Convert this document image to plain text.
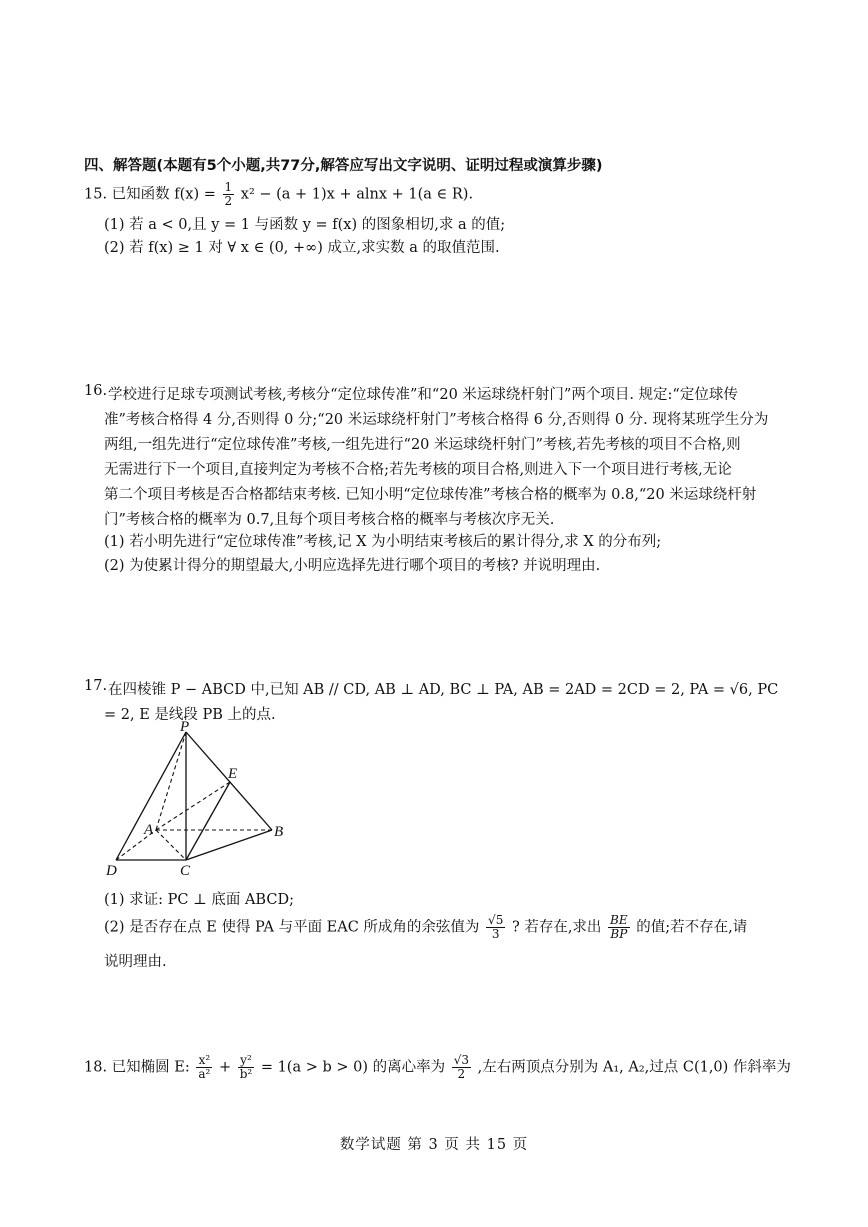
四、解答题(本题有5个小题,共77分,解答应写出文字说明、证明过程或演算步骤)
15. 已知函数 $f(x) = \frac{1}{2} x^2 - (a + 1)x + alnx + 1(a$ ∈ R).
(1) 若 a < 0,且 y = 1 与函数 y = f(x) 的图象相切,求 a 的值;
(2) 若 f(x) ≥ 1 对 ∀ x ∈ (0, +∞) 成立,求实数 a 的取值范围.
16. 学校进行足球专项测试考核,考核分“定位球传准”和“20 米运球绕杆射门”两个项目. 规定:“定位球传
准”考核合格得 4 分,否则得 0 分;“20 米运球绕杆射门”考核合格得 6 分,否则得 0 分. 现将某班学生分为
两组,一组先进行“定位球传准”考核,一组先进行“20 米运球绕杆射门”考核,若先考核的项目不合格,则
无需进行下一个项目,直接判定为考核不合格;若先考核的项目合格,则进入下一个项目进行考核,无论
第二个项目考核是否合格都结束考核. 已知小明“定位球传准”考核合格的概率为 0.8,“20 米运球绕杆射
门”考核合格的概率为 0.7,且每个项目考核合格的概率与考核次序无关.
(1) 若小明先进行“定位球传准”考核,记 X 为小明结束考核后的累计得分,求 X 的分布列;
(2) 为使累计得分的期望最大,小明应选择先进行哪个项目的考核? 并说明理由.
17. 在四棱锥 P − ABCD 中,已知 AB // CD, AB ⊥ AD, BC ⊥ PA, AB = 2AD = 2CD = 2, PA = √6, PC
= 2, E 是线段 PB 上的点.
P
E
A	B
C
D
(1) 求证: PC ⊥ 底面 ABCD;
(2) 是否存在点 E 使得 PA 与平面 EAC 所成角的余弦值为 $\frac{√5}{3}$ ? 若存在,求出 $\frac{BE}{BP}$ 的值;若不存在,请
说明理由.
18. 已知椭圆 E: $\frac{\text{x²}}{\text{a²}} + \frac{\text{y²}}{\text{b²}} = 1(a > b > 0)$ 的离心率为 $\frac{√3}{2}$ ,左右两顶点分别为 A₁, A₂,过点 C(1,0) 作斜率为
数学试题 第 3 页 共 15 页
